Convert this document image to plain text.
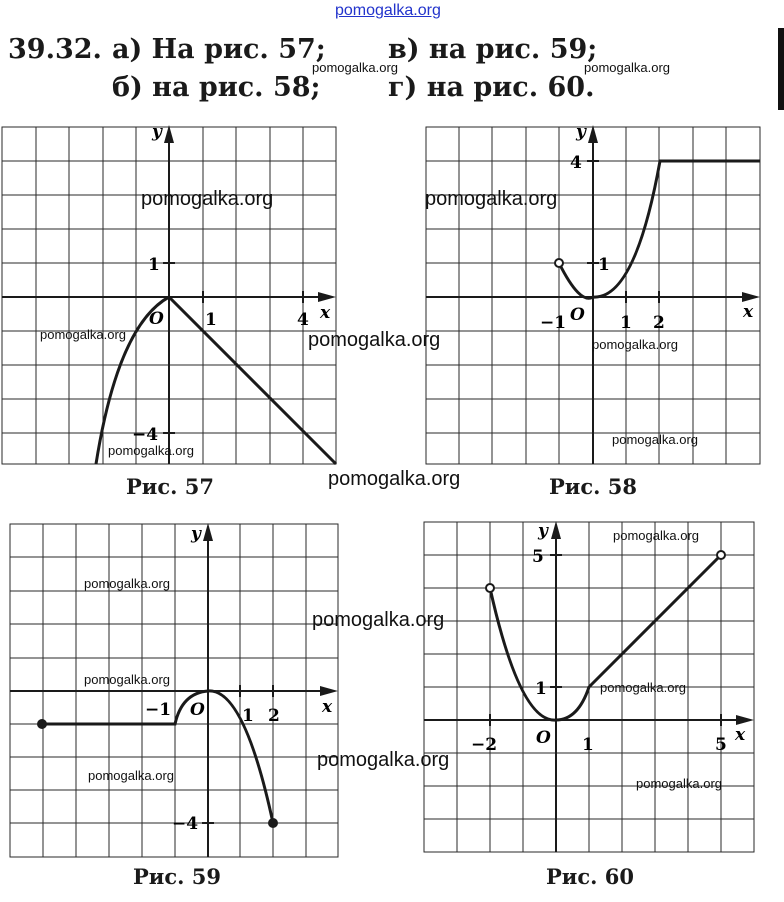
pomogalka.org
39.32. а) На рис. 57;
pomogalka.org
в) на рис. 59;
pomogalka.org
б) на рис. 58; г) на рис. 60.
y
x
O
1
1	4
−4
Рис. 57
y
x
O
4
1
−1	1 2
Рис. 58
y
x
O
−1	1 2
−4
Рис. 59
y
x
O
5
1
−2	1	5
Рис. 60
pomogalka.org	pomogalka.org
pomogalka.org	pomogalka.org	pomogalka.org
pomogalka.org
pomogalka.org
pomogalka.org
pomogalka.org
pomogalka.org
pomogalka.org
pomogalka.org
pomogalka.org
pomogalka.org
pomogalka.org
pomogalka.org
